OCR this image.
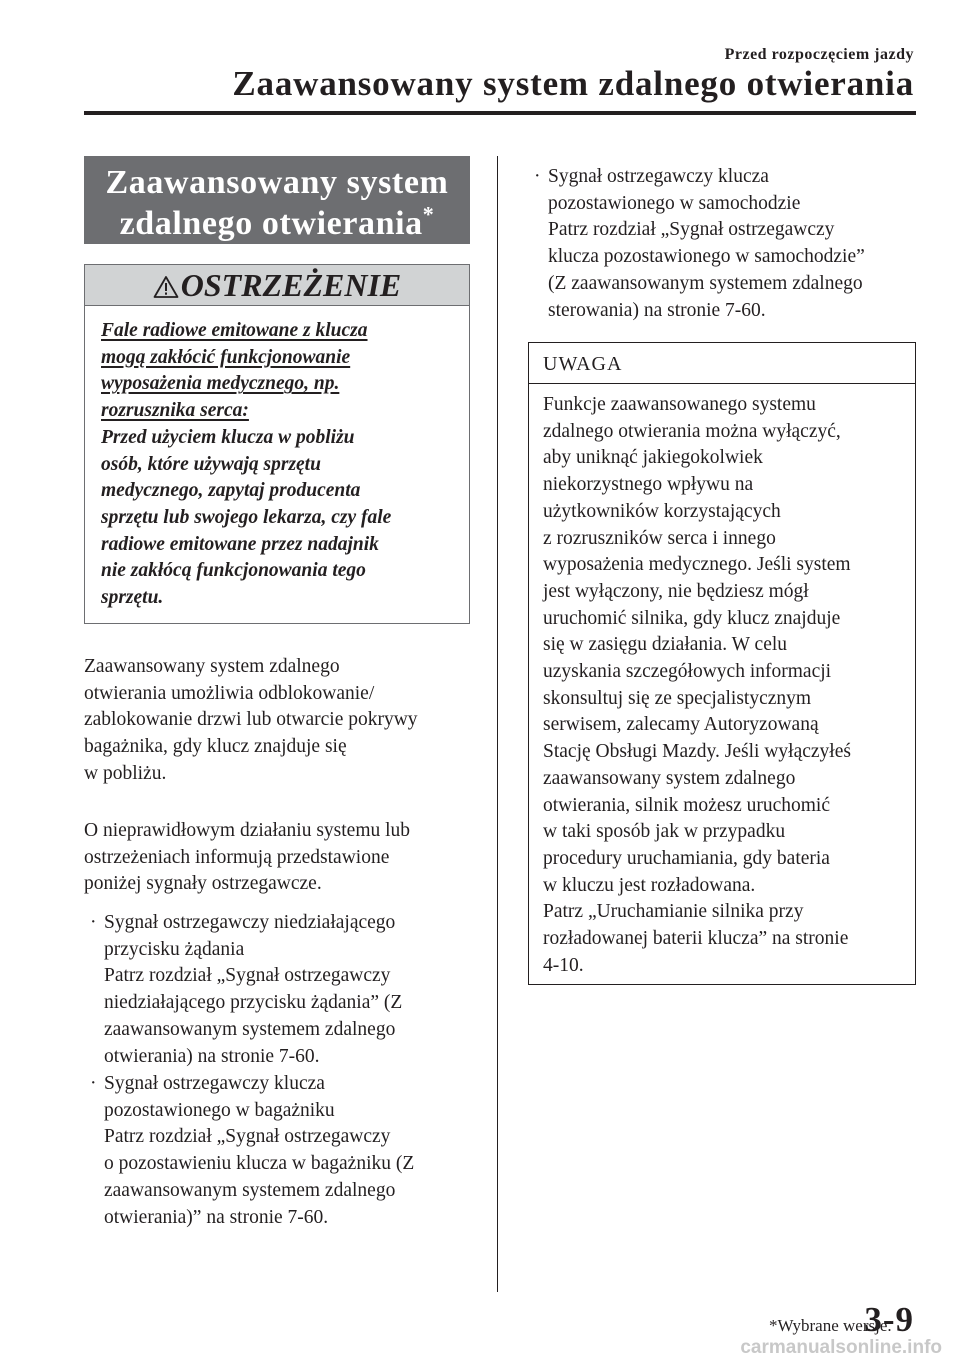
Przed rozpoczęciem jazdy
Zaawansowany system zdalnego otwierania
Zaawansowany system
zdalnego otwierania*
OSTRZEŻENIE
Fale radiowe emitowane z klucza
mogą zakłócić funkcjonowanie
wyposażenia medycznego, np.
rozrusznika serca:
Przed użyciem klucza w pobliżu
osób, które używają sprzętu
medycznego, zapytaj producenta
sprzętu lub swojego lekarza, czy fale
radiowe emitowane przez nadajnik
nie zakłócą funkcjonowania tego
sprzętu.
Zaawansowany system zdalnego
otwierania umożliwia odblokowanie/
zablokowanie drzwi lub otwarcie pokrywy
bagażnika, gdy klucz znajduje się
w pobliżu.
O nieprawidłowym działaniu systemu lub
ostrzeżeniach informują przedstawione
poniżej sygnały ostrzegawcze.
· Sygnał ostrzegawczy niedziałającego
przycisku żądania
Patrz rozdział „Sygnał ostrzegawczy
niedziałającego przycisku żądania” (Z
zaawansowanym systemem zdalnego
otwierania) na stronie 7-60.
· Sygnał ostrzegawczy klucza
pozostawionego w bagażniku
Patrz rozdział „Sygnał ostrzegawczy
o pozostawieniu klucza w bagażniku (Z
zaawansowanym systemem zdalnego
otwierania)” na stronie 7-60.
· Sygnał ostrzegawczy klucza
pozostawionego w samochodzie
Patrz rozdział „Sygnał ostrzegawczy
klucza pozostawionego w samochodzie”
(Z zaawansowanym systemem zdalnego
sterowania) na stronie 7-60.
UWAGA
Funkcje zaawansowanego systemu
zdalnego otwierania można wyłączyć,
aby uniknąć jakiegokolwiek
niekorzystnego wpływu na
użytkowników korzystających
z rozruszników serca i innego
wyposażenia medycznego. Jeśli system
jest wyłączony, nie będziesz mógł
uruchomić silnika, gdy klucz znajduje
się w zasięgu działania. W celu
uzyskania szczegółowych informacji
skonsultuj się ze specjalistycznym
serwisem, zalecamy Autoryzowaną
Stację Obsługi Mazdy. Jeśli wyłączyłeś
zaawansowany system zdalnego
otwierania, silnik możesz uruchomić
w taki sposób jak w przypadku
procedury uruchamiania, gdy bateria
w kluczu jest rozładowana.
Patrz „Uruchamianie silnika przy
rozładowanej baterii klucza” na stronie
4-10.
*Wybrane wersje.
3-9
carmanualsonline.info
